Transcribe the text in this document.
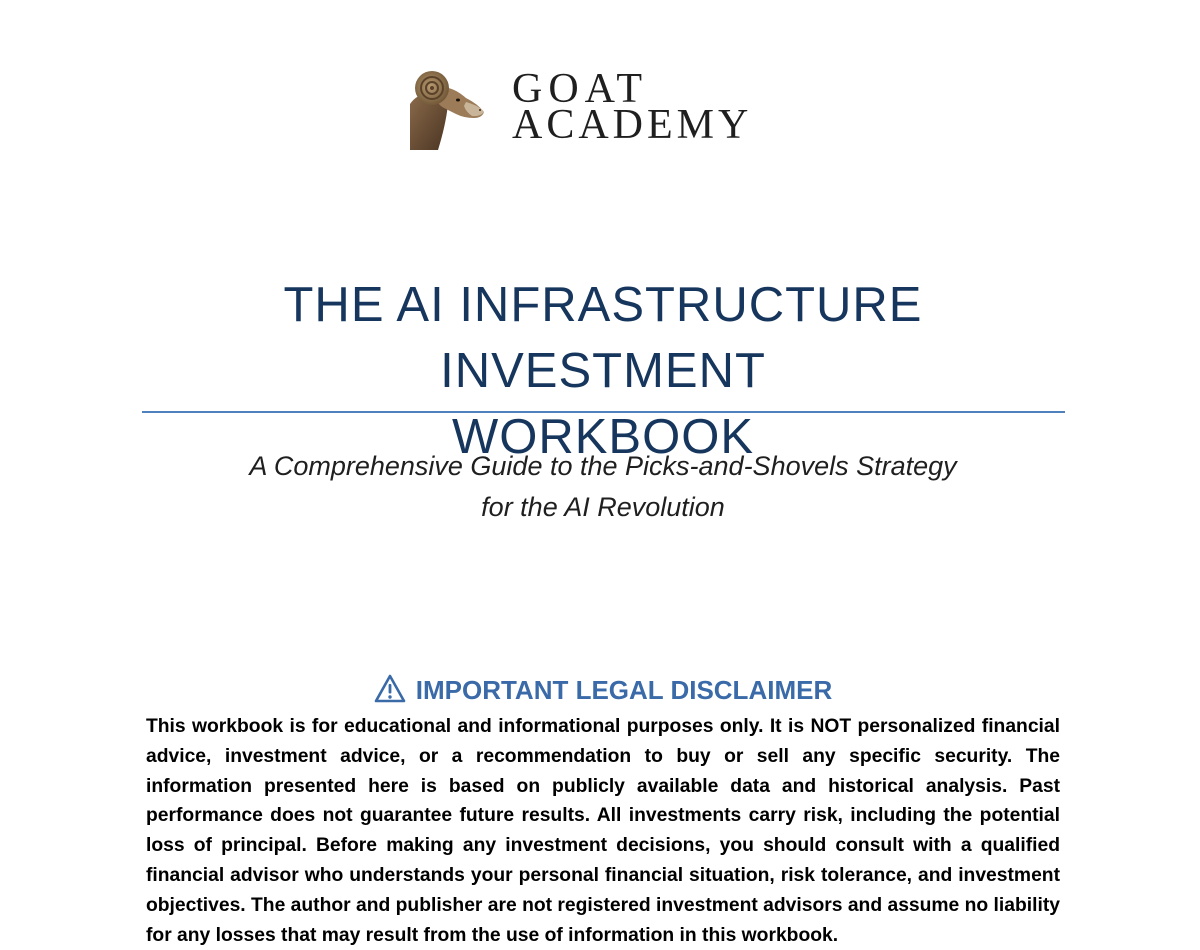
GOAT
ACADEMY
THE AI INFRASTRUCTURE INVESTMENT
WORKBOOK

A Comprehensive Guide to the Picks-and-Shovels Strategy
for the AI Revolution

IMPORTANT LEGAL DISCLAIMER

This workbook is for educational and informational purposes only. It is NOT personalized financial advice, investment advice, or a recommendation to buy or sell any specific security. The information presented here is based on publicly available data and historical analysis. Past performance does not guarantee future results. All investments carry risk, including the potential loss of principal. Before making any investment decisions, you should consult with a qualified financial advisor who understands your personal financial situation, risk tolerance, and investment objectives. The author and publisher are not registered investment advisors and assume no liability for any losses that may result from the use of information in this workbook.
